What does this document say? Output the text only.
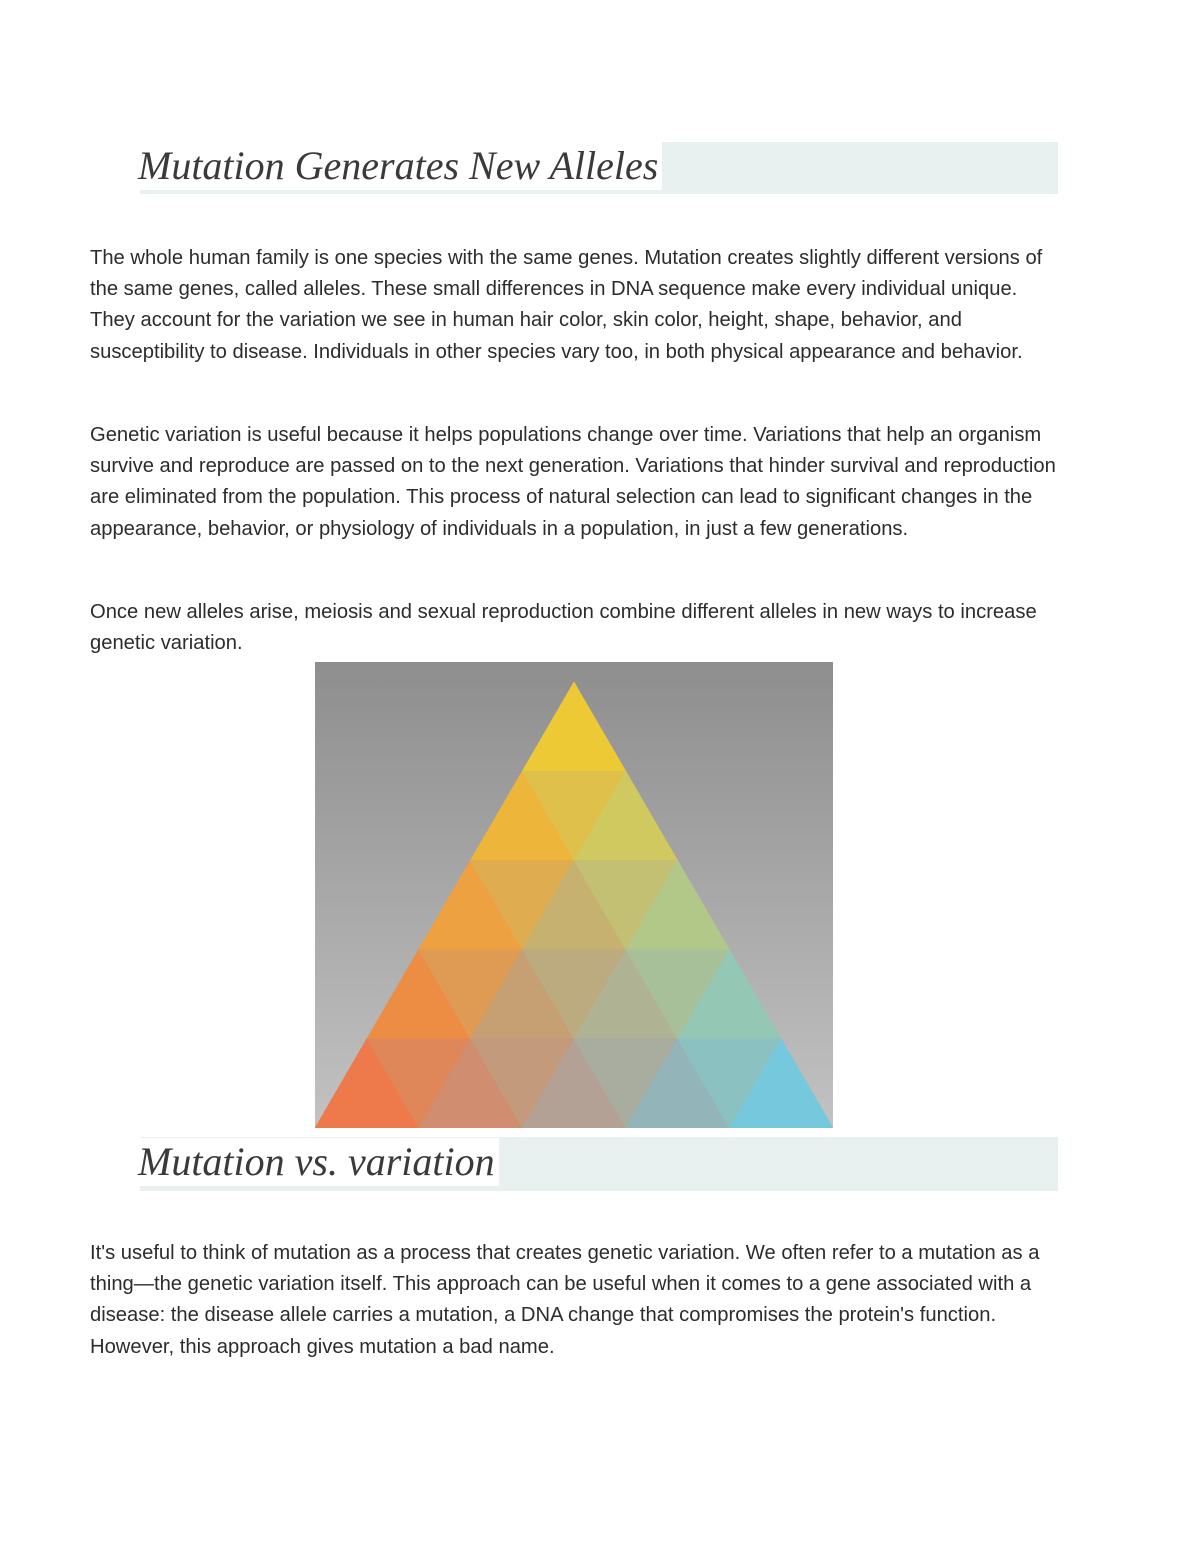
Mutation Generates New Alleles

The whole human family is one species with the same genes. Mutation creates slightly different versions of the same genes, called alleles. These small differences in DNA sequence make every individual unique. They account for the variation we see in human hair color, skin color, height, shape, behavior, and susceptibility to disease. Individuals in other species vary too, in both physical appearance and behavior.

Genetic variation is useful because it helps populations change over time. Variations that help an organism survive and reproduce are passed on to the next generation. Variations that hinder survival and reproduction are eliminated from the population. This process of natural selection can lead to significant changes in the appearance, behavior, or physiology of individuals in a population, in just a few generations.

Once new alleles arise, meiosis and sexual reproduction combine different alleles in new ways to increase genetic variation.

Mutation vs. variation

It's useful to think of mutation as a process that creates genetic variation. We often refer to a mutation as a thing—the genetic variation itself. This approach can be useful when it comes to a gene associated with a disease: the disease allele carries a mutation, a DNA change that compromises the protein's function. However, this approach gives mutation a bad name.
